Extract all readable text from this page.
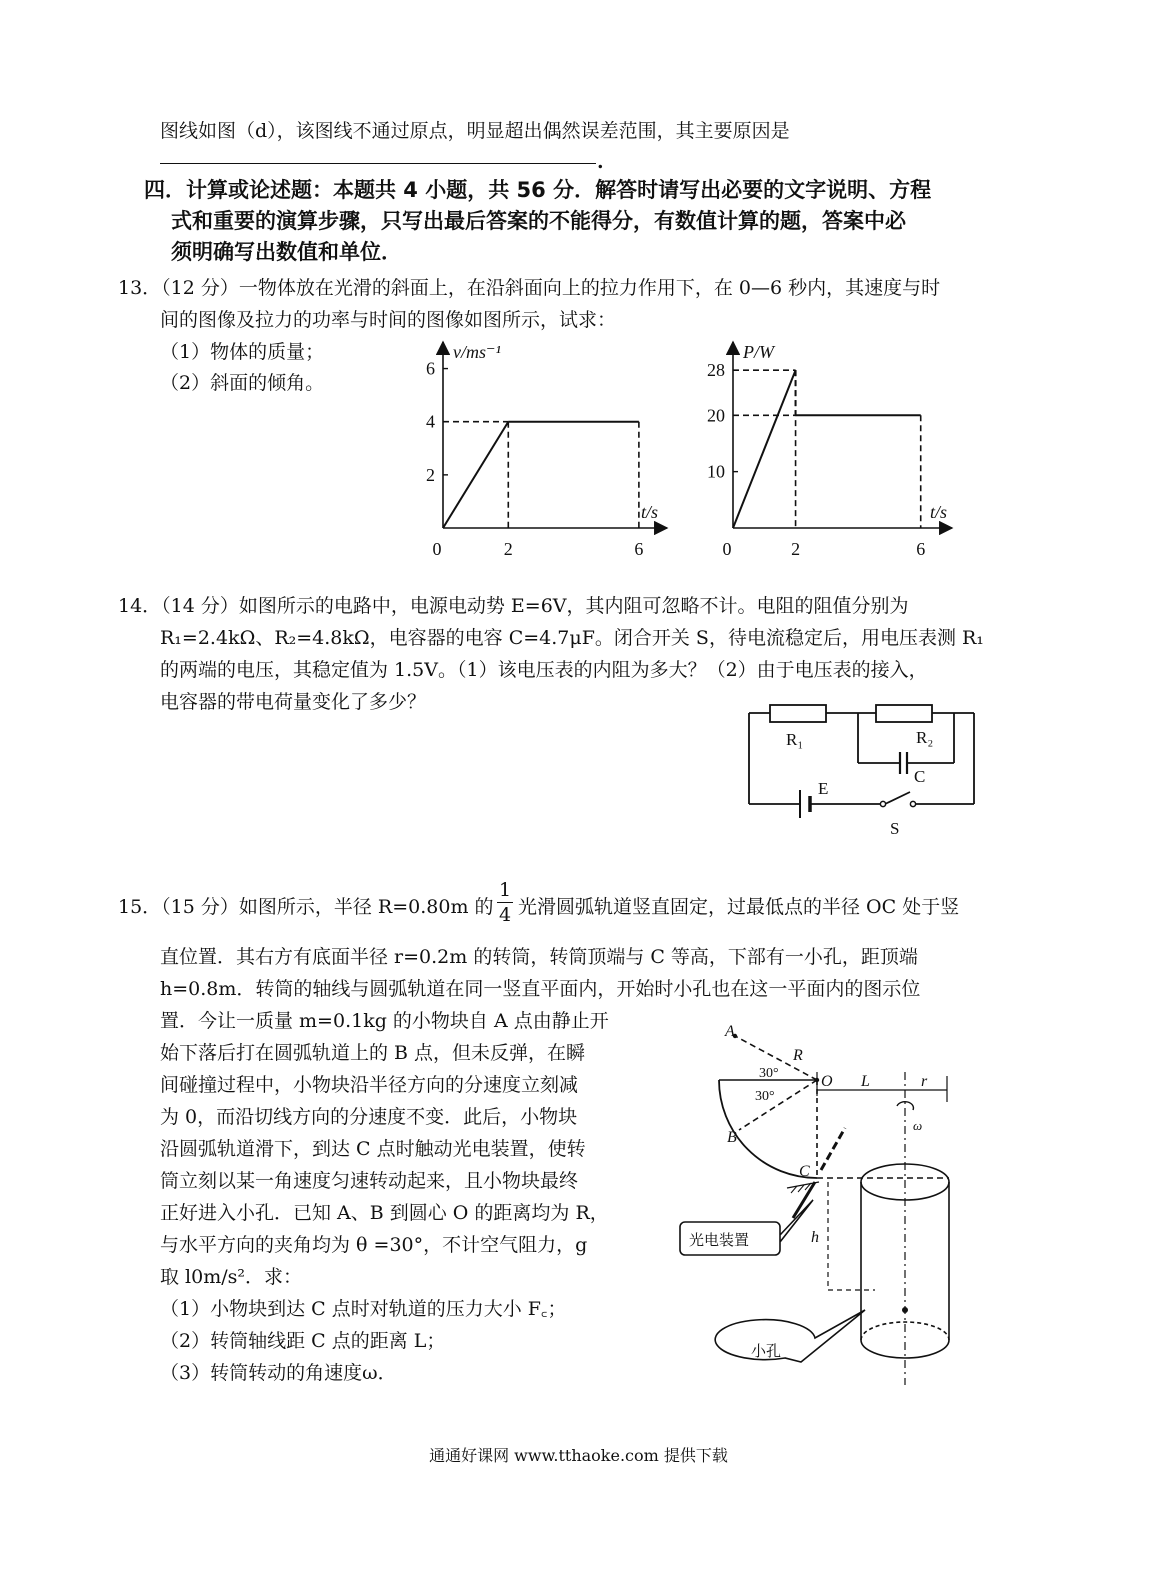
图线如图（d），该图线不通过原点，明显超出偶然误差范围，其主要原因是
.
四．计算或论述题：本题共 4 小题，共 56 分．解答时请写出必要的文字说明、方程
式和重要的演算步骤，只写出最后答案的不能得分，有数值计算的题，答案中必
须明确写出数值和单位．
13．（12 分）一物体放在光滑的斜面上，在沿斜面向上的拉力作用下，在 0—6 秒内，其速度与时
间的图像及拉力的功率与时间的图像如图所示，试求：
（1）物体的质量；
（2）斜面的倾角。
2
4
6
0	2	6
v/ms⁻¹
t/s
10
20
28
0	2	6
P/W
t/s
14．（14 分）如图所示的电路中，电源电动势 E=6V，其内阻可忽略不计。电阻的阻值分别为
R₁=2.4kΩ、R₂=4.8kΩ，电容器的电容 C=4.7μF。闭合开关 S，待电流稳定后，用电压表测 R₁
的两端的电压，其稳定值为 1.5V。（1）该电压表的内阻为多大？（2）由于电压表的接入，
电容器的带电荷量变化了多少？
R₁	R₂
C
E
S
15．（15 分）如图所示，半径 R=0.80m 的 $\frac{1}{4}$ 光滑圆弧轨道竖直固定，过最低点的半径 OC 处于竖
直位置．其右方有底面半径 r=0.2m 的转筒，转筒顶端与 C 等高，下部有一小孔，距顶端
h=0.8m．转筒的轴线与圆弧轨道在同一竖直平面内，开始时小孔也在这一平面内的图示位
置．今让一质量 m=0.1kg 的小物块自 A 点由静止开
始下落后打在圆弧轨道上的 B 点，但未反弹，在瞬
间碰撞过程中，小物块沿半径方向的分速度立刻减
为 0，而沿切线方向的分速度不变．此后，小物块
沿圆弧轨道滑下，到达 C 点时触动光电装置，使转
筒立刻以某一角速度匀速转动起来，且小物块最终
正好进入小孔．已知 A、B 到圆心 O 的距离均为 R，
与水平方向的夹角均为 θ =30°，不计空气阻力，g
取 l0m/s²．求：
（1）小物块到达 C 点时对轨道的压力大小 F꜀；
（2）转筒轴线距 C 点的距离 L；
（3）转筒转动的角速度ω．
A
R
O
30°
30°
L	r
B
C
ω
h
光电装置
小孔
通通好课网 www.tthaoke.com 提供下载
